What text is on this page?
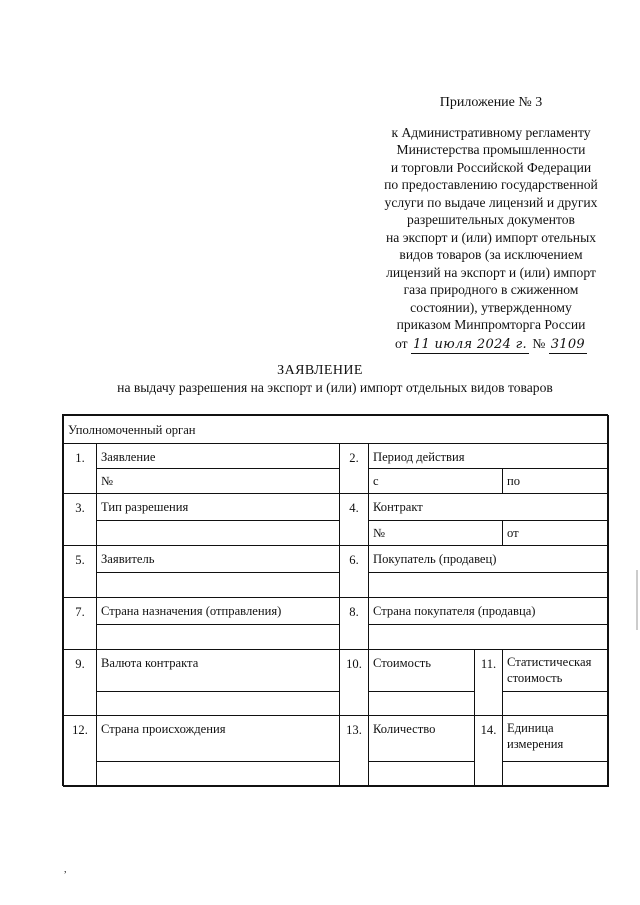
Приложение № 3
к Административному регламенту
Министерства промышленности
и торговли Российской Федерации
по предоставлению государственной
услуги по выдаче лицензий и других
разрешительных документов
на экспорт и (или) импорт отельных
видов товаров (за исключением
лицензий на экспорт и (или) импорт
газа природного в сжиженном
состоянии), утвержденному
приказом Минпромторга России
от 11 июля 2024 г. № 3109
ЗАЯВЛЕНИЕ
на выдачу разрешения на экспорт и (или) импорт отдельных видов товаров
Уполномоченный орган
1.	Заявление
№
2.	Период действия
с	по
3.	Тип разрешения	4.	Контракт
№	от
5.	Заявитель	6.	Покупатель (продавец)
7.	Страна назначения (отправления)	8.	Страна покупателя (продавца)
9.	Валюта контракта	10. Стоимость	11. Статистическая
стоимость
12.	Страна происхождения	13. Количество	14. Единица
измерения
,
